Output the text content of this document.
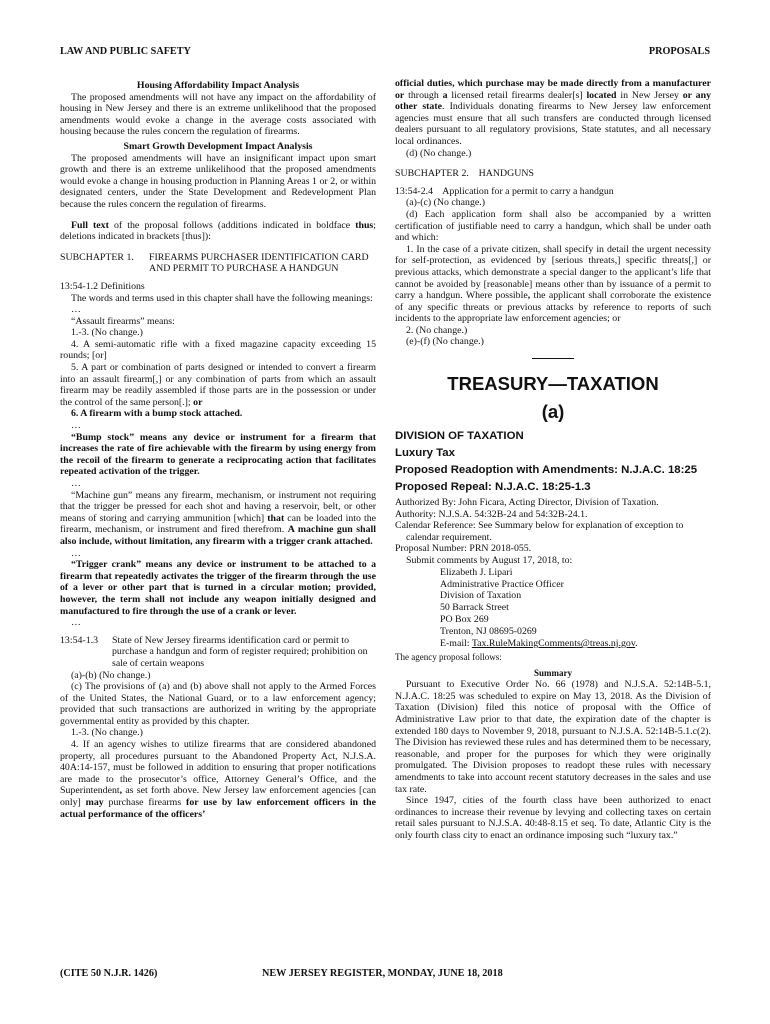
LAW AND PUBLIC SAFETY	PROPOSALS

Housing Affordability Impact Analysis

The proposed amendments will not have any impact on the affordability of housing in New Jersey and there is an extreme unlikelihood that the proposed amendments would evoke a change in the average costs associated with housing because the rules concern the regulation of firearms.

Smart Growth Development Impact Analysis

The proposed amendments will have an insignificant impact upon smart growth and there is an extreme unlikelihood that the proposed amendments would evoke a change in housing production in Planning Areas 1 or 2, or within designated centers, under the State Development and Redevelopment Plan because the rules concern the regulation of firearms.

Full text of the proposal follows (additions indicated in boldface thus; deletions indicated in brackets [thus]):

SUBCHAPTER 1.	FIREARMS PURCHASER IDENTIFICATION CARD AND PERMIT TO PURCHASE A HANDGUN

13:54-1.2 Definitions

The words and terms used in this chapter shall have the following meanings:

…

“Assault firearms” means:

1.-3. (No change.)

4. A semi-automatic rifle with a fixed magazine capacity exceeding 15 rounds; [or]

5. A part or combination of parts designed or intended to convert a firearm into an assault firearm[,] or any combination of parts from which an assault firearm may be readily assembled if those parts are in the possession or under the control of the same person[.]; or

6. A firearm with a bump stock attached.

…

“Bump stock” means any device or instrument for a firearm that increases the rate of fire achievable with the firearm by using energy from the recoil of the firearm to generate a reciprocating action that facilitates repeated activation of the trigger.

…

“Machine gun” means any firearm, mechanism, or instrument not requiring that the trigger be pressed for each shot and having a reservoir, belt, or other means of storing and carrying ammunition [which] that can be loaded into the firearm, mechanism, or instrument and fired therefrom. A machine gun shall also include, without limitation, any firearm with a trigger crank attached.

…

“Trigger crank” means any device or instrument to be attached to a firearm that repeatedly activates the trigger of the firearm through the use of a lever or other part that is turned in a circular motion; provided, however, the term shall not include any weapon initially designed and manufactured to fire through the use of a crank or lever.

…

13:54-1.3	State of New Jersey firearms identification card or permit to purchase a handgun and form of register required; prohibition on sale of certain weapons

(a)-(b) (No change.)

(c) The provisions of (a) and (b) above shall not apply to the Armed Forces of the United States, the National Guard, or to a law enforcement agency; provided that such transactions are authorized in writing by the appropriate governmental entity as provided by this chapter.

1.-3. (No change.)

4. If an agency wishes to utilize firearms that are considered abandoned property, all procedures pursuant to the Abandoned Property Act, N.J.S.A. 40A:14-157, must be followed in addition to ensuring that proper notifications are made to the prosecutor’s office, Attorney General’s Office, and the Superintendent, as set forth above. New Jersey law enforcement agencies [can only] may purchase firearms for use by law enforcement officers in the actual performance of the officers’

official duties, which purchase may be made directly from a manufacturer or through a licensed retail firearms dealer[s] located in New Jersey or any other state. Individuals donating firearms to New Jersey law enforcement agencies must ensure that all such transfers are conducted through licensed dealers pursuant to all regulatory provisions, State statutes, and all necessary local ordinances.

(d) (No change.)

SUBCHAPTER 2.    HANDGUNS

13:54-2.4    Application for a permit to carry a handgun

(a)-(c) (No change.)

(d) Each application form shall also be accompanied by a written certification of justifiable need to carry a handgun, which shall be under oath and which:

1. In the case of a private citizen, shall specify in detail the urgent necessity for self-protection, as evidenced by [serious threats,] specific threats[,] or previous attacks, which demonstrate a special danger to the applicant’s life that cannot be avoided by [reasonable] means other than by issuance of a permit to carry a handgun. Where possible, the applicant shall corroborate the existence of any specific threats or previous attacks by reference to reports of such incidents to the appropriate law enforcement agencies; or

2. (No change.)

(e)-(f) (No change.)

TREASURY—TAXATION

(a)

DIVISION OF TAXATION

Luxury Tax

Proposed Readoption with Amendments: N.J.A.C. 18:25

Proposed Repeal: N.J.A.C. 18:25-1.3

Authorized By: John Ficara, Acting Director, Division of Taxation.

Authority: N.J.S.A. 54:32B-24 and 54:32B-24.1.

Calendar Reference: See Summary below for explanation of exception to calendar requirement.

Proposal Number: PRN 2018-055.

Submit comments by August 17, 2018, to:

Elizabeth J. Lipari

Administrative Practice Officer

Division of Taxation

50 Barrack Street

PO Box 269

Trenton, NJ 08695-0269

E-mail: Tax.RuleMakingComments@treas.nj.gov.

The agency proposal follows:

Summary

Pursuant to Executive Order No. 66 (1978) and N.J.S.A. 52:14B-5.1, N.J.A.C. 18:25 was scheduled to expire on May 13, 2018. As the Division of Taxation (Division) filed this notice of proposal with the Office of Administrative Law prior to that date, the expiration date of the chapter is extended 180 days to November 9, 2018, pursuant to N.J.S.A. 52:14B-5.1.c(2). The Division has reviewed these rules and has determined them to be necessary, reasonable, and proper for the purposes for which they were originally promulgated. The Division proposes to readopt these rules with necessary amendments to take into account recent statutory decreases in the sales and use tax rate.

Since 1947, cities of the fourth class have been authorized to enact ordinances to increase their revenue by levying and collecting taxes on certain retail sales pursuant to N.J.S.A. 40:48-8.15 et seq. To date, Atlantic City is the only fourth class city to enact an ordinance imposing such “luxury tax.”

(CITE 50 N.J.R. 1426)	NEW JERSEY REGISTER, MONDAY, JUNE 18, 2018
